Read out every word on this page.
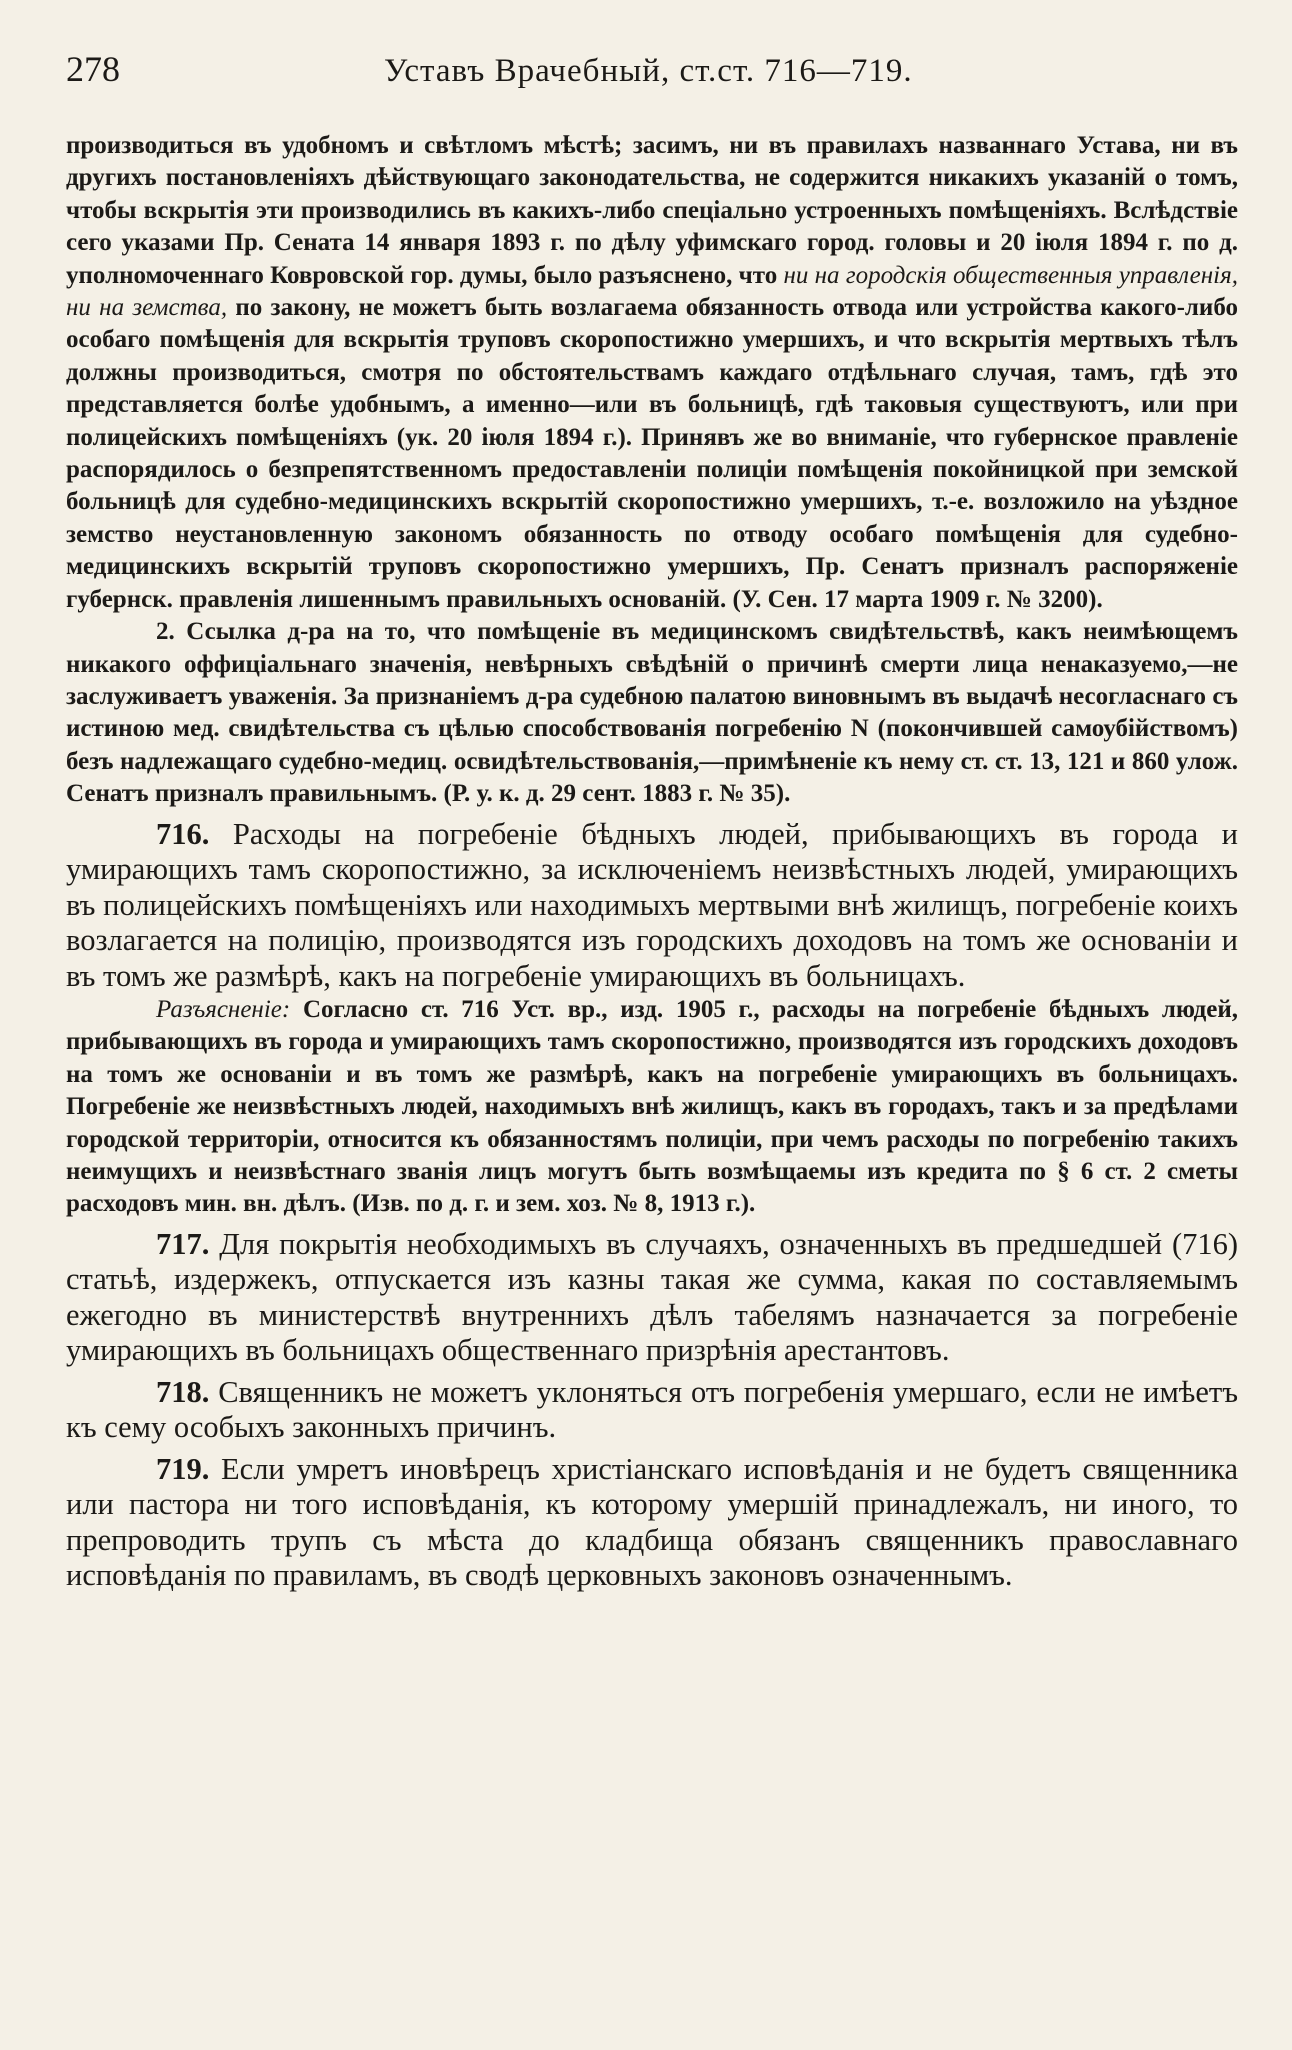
278	Уставъ Врачебный, ст.ст. 716—719.

производиться въ удобномъ и свѣтломъ мѣстѣ; засимъ, ни въ правилахъ названнаго Устава, ни въ другихъ постановленіяхъ дѣйствующаго законодательства, не содержится никакихъ указаній о томъ, чтобы вскрытія эти производились въ какихъ-либо спеціально устроенныхъ помѣщеніяхъ. Вслѣдствіе сего указами Пр. Сената 14 января 1893 г. по дѣлу уфимскаго город. головы и 20 іюля 1894 г. по д. уполномоченнаго Ковровской гор. думы, было разъяснено, что ни на городскія общественныя управленія, ни на земства, по закону, не можетъ быть возлагаема обязанность отвода или устройства какого-либо особаго помѣщенія для вскрытія труповъ скоропостижно умершихъ, и что вскрытія мертвыхъ тѣлъ должны производиться, смотря по обстоятельствамъ каждаго отдѣльнаго случая, тамъ, гдѣ это представляется болѣе удобнымъ, а именно—или въ больницѣ, гдѣ таковыя существуютъ, или при полицейскихъ помѣщеніяхъ (ук. 20 іюля 1894 г.). Принявъ же во вниманіе, что губернское правленіе распорядилось о безпрепятственномъ предоставленіи полиціи помѣщенія покойницкой при земской больницѣ для судебно-медицинскихъ вскрытій скоропостижно умершихъ, т.-е. возложило на уѣздное земство неустановленную закономъ обязанность по отводу особаго помѣщенія для судебно-медицинскихъ вскрытій труповъ скоропостижно умершихъ, Пр. Сенатъ призналъ распоряженіе губернск. правленія лишеннымъ правильныхъ основаній. (У. Сен. 17 марта 1909 г. № 3200).

2. Ссылка д-ра на то, что помѣщеніе въ медицинскомъ свидѣтельствѣ, какъ неимѣющемъ никакого оффиціальнаго значенія, невѣрныхъ свѣдѣній о причинѣ смерти лица ненаказуемо,—не заслуживаетъ уваженія. За признаніемъ д-ра судебною палатою виновнымъ въ выдачѣ несогласнаго съ истиною мед. свидѣтельства съ цѣлью способствованія погребенію N (покончившей самоубійствомъ) безъ надлежащаго судебно-медиц. освидѣтельствованія,—примѣненіе къ нему ст. ст. 13, 121 и 860 улож. Сенатъ призналъ правильнымъ. (Р. у. к. д. 29 сент. 1883 г. № 35).

716. Расходы на погребеніе бѣдныхъ людей, прибывающихъ въ города и умирающихъ тамъ скоропостижно, за исключеніемъ неизвѣстныхъ людей, умирающихъ въ полицейскихъ помѣщеніяхъ или находимыхъ мертвыми внѣ жилищъ, погребеніе коихъ возлагается на полицію, производятся изъ городскихъ доходовъ на томъ же основаніи и въ томъ же размѣрѣ, какъ на погребеніе умирающихъ въ больницахъ.

Разъясненіе: Согласно ст. 716 Уст. вр., изд. 1905 г., расходы на погребеніе бѣдныхъ людей, прибывающихъ въ города и умирающихъ тамъ скоропостижно, производятся изъ городскихъ доходовъ на томъ же основаніи и въ томъ же размѣрѣ, какъ на погребеніе умирающихъ въ больницахъ. Погребеніе же неизвѣстныхъ людей, находимыхъ внѣ жилищъ, какъ въ городахъ, такъ и за предѣлами городской территоріи, относится къ обязанностямъ полиціи, при чемъ расходы по погребенію такихъ неимущихъ и неизвѣстнаго званія лицъ могутъ быть возмѣщаемы изъ кредита по § 6 ст. 2 сметы расходовъ мин. вн. дѣлъ. (Изв. по д. г. и зем. хоз. № 8, 1913 г.).

717. Для покрытія необходимыхъ въ случаяхъ, означенныхъ въ предшедшей (716) статьѣ, издержекъ, отпускается изъ казны такая же сумма, какая по составляемымъ ежегодно въ министерствѣ внутреннихъ дѣлъ табелямъ назначается за погребеніе умирающихъ въ больницахъ общественнаго призрѣнія арестантовъ.

718. Священникъ не можетъ уклоняться отъ погребенія умершаго, если не имѣетъ къ сему особыхъ законныхъ причинъ.

719. Если умретъ иновѣрецъ христіанскаго исповѣданія и не будетъ священника или пастора ни того исповѣданія, къ которому умершій принадлежалъ, ни иного, то препроводить трупъ съ мѣста до кладбища обязанъ священникъ православнаго исповѣданія по правиламъ, въ сводѣ церковныхъ законовъ означеннымъ.
